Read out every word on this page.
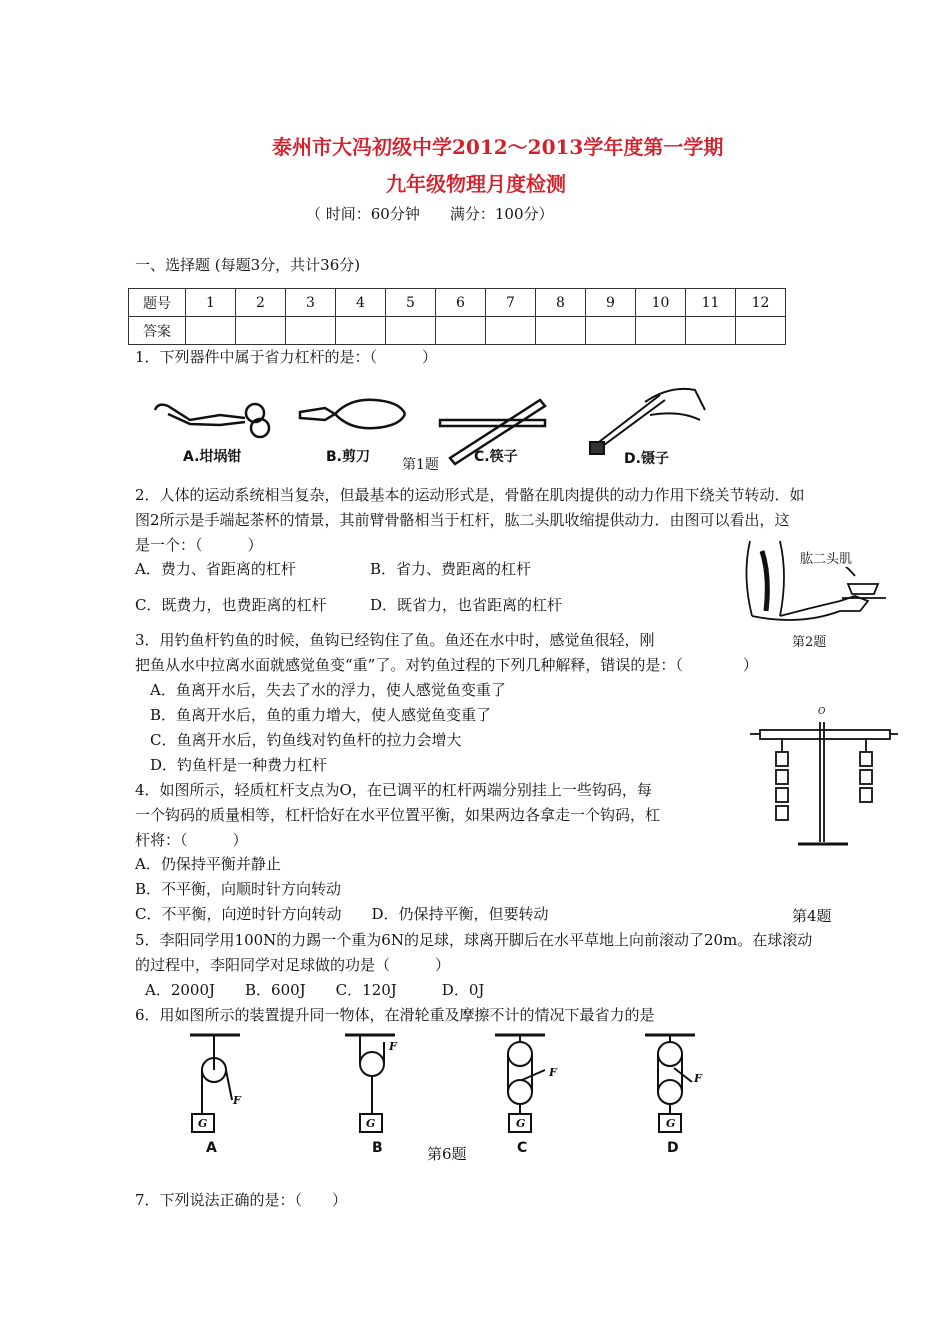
泰州市大冯初级中学2012～2013学年度第一学期
九年级物理月度检测
（ 时间：60分钟　　满分：100分）
一、选择题 (每题3分，共计36分)
题号	1	2	3	4	5	6	7	8	9	10	11	12
答案												
1．下列器件中属于省力杠杆的是：（　　　）
A.坩埚钳	B.剪刀 第1题	C.筷子	D.镊子
2．人体的运动系统相当复杂，但最基本的运动形式是，骨骼在肌肉提供的动力作用下绕关节转动．如
图2所示是手端起茶杯的情景，其前臂骨骼相当于杠杆，肱二头肌收缩提供动力．由图可以看出，这
是一个：（　　　）
A．费力、省距离的杠杆	B．省力、费距离的杠杆
C．既费力，也费距离的杠杆	D．既省力，也省距离的杠杆
肱二头肌
第2题
3．用钓鱼杆钓鱼的时候，鱼钩已经钩住了鱼。鱼还在水中时，感觉鱼很轻，刚
把鱼从水中拉离水面就感觉鱼变“重”了。对钓鱼过程的下列几种解释，错误的是：（　　　　）
A．鱼离开水后，失去了水的浮力，使人感觉鱼变重了
B．鱼离开水后，鱼的重力增大，使人感觉鱼变重了
C．鱼离开水后，钓鱼线对钓鱼杆的拉力会增大
D．钓鱼杆是一种费力杠杆
O
4．如图所示，轻质杠杆支点为O，在已调平的杠杆两端分别挂上一些钩码，每
一个钩码的质量相等，杠杆恰好在水平位置平衡，如果两边各拿走一个钩码，杠
杆将：（　　　）
A．仍保持平衡并静止
B．不平衡，向顺时针方向转动
C．不平衡，向逆时针方向转动　　D．仍保持平衡，但要转动	第4题
5．李阳同学用100N的力踢一个重为6N的足球，球离开脚后在水平草地上向前滚动了20m。在球滚动
的过程中，李阳同学对足球做的功是（　　　）
A．2000J　　B．600J　　C．120J　　　D．0J
6．用如图所示的装置提升同一物体，在滑轮重及摩擦不计的情况下最省力的是
G	G	G	G
F
F
F	F
A	B	第6题	C	D
7．下列说法正确的是：（　　）
